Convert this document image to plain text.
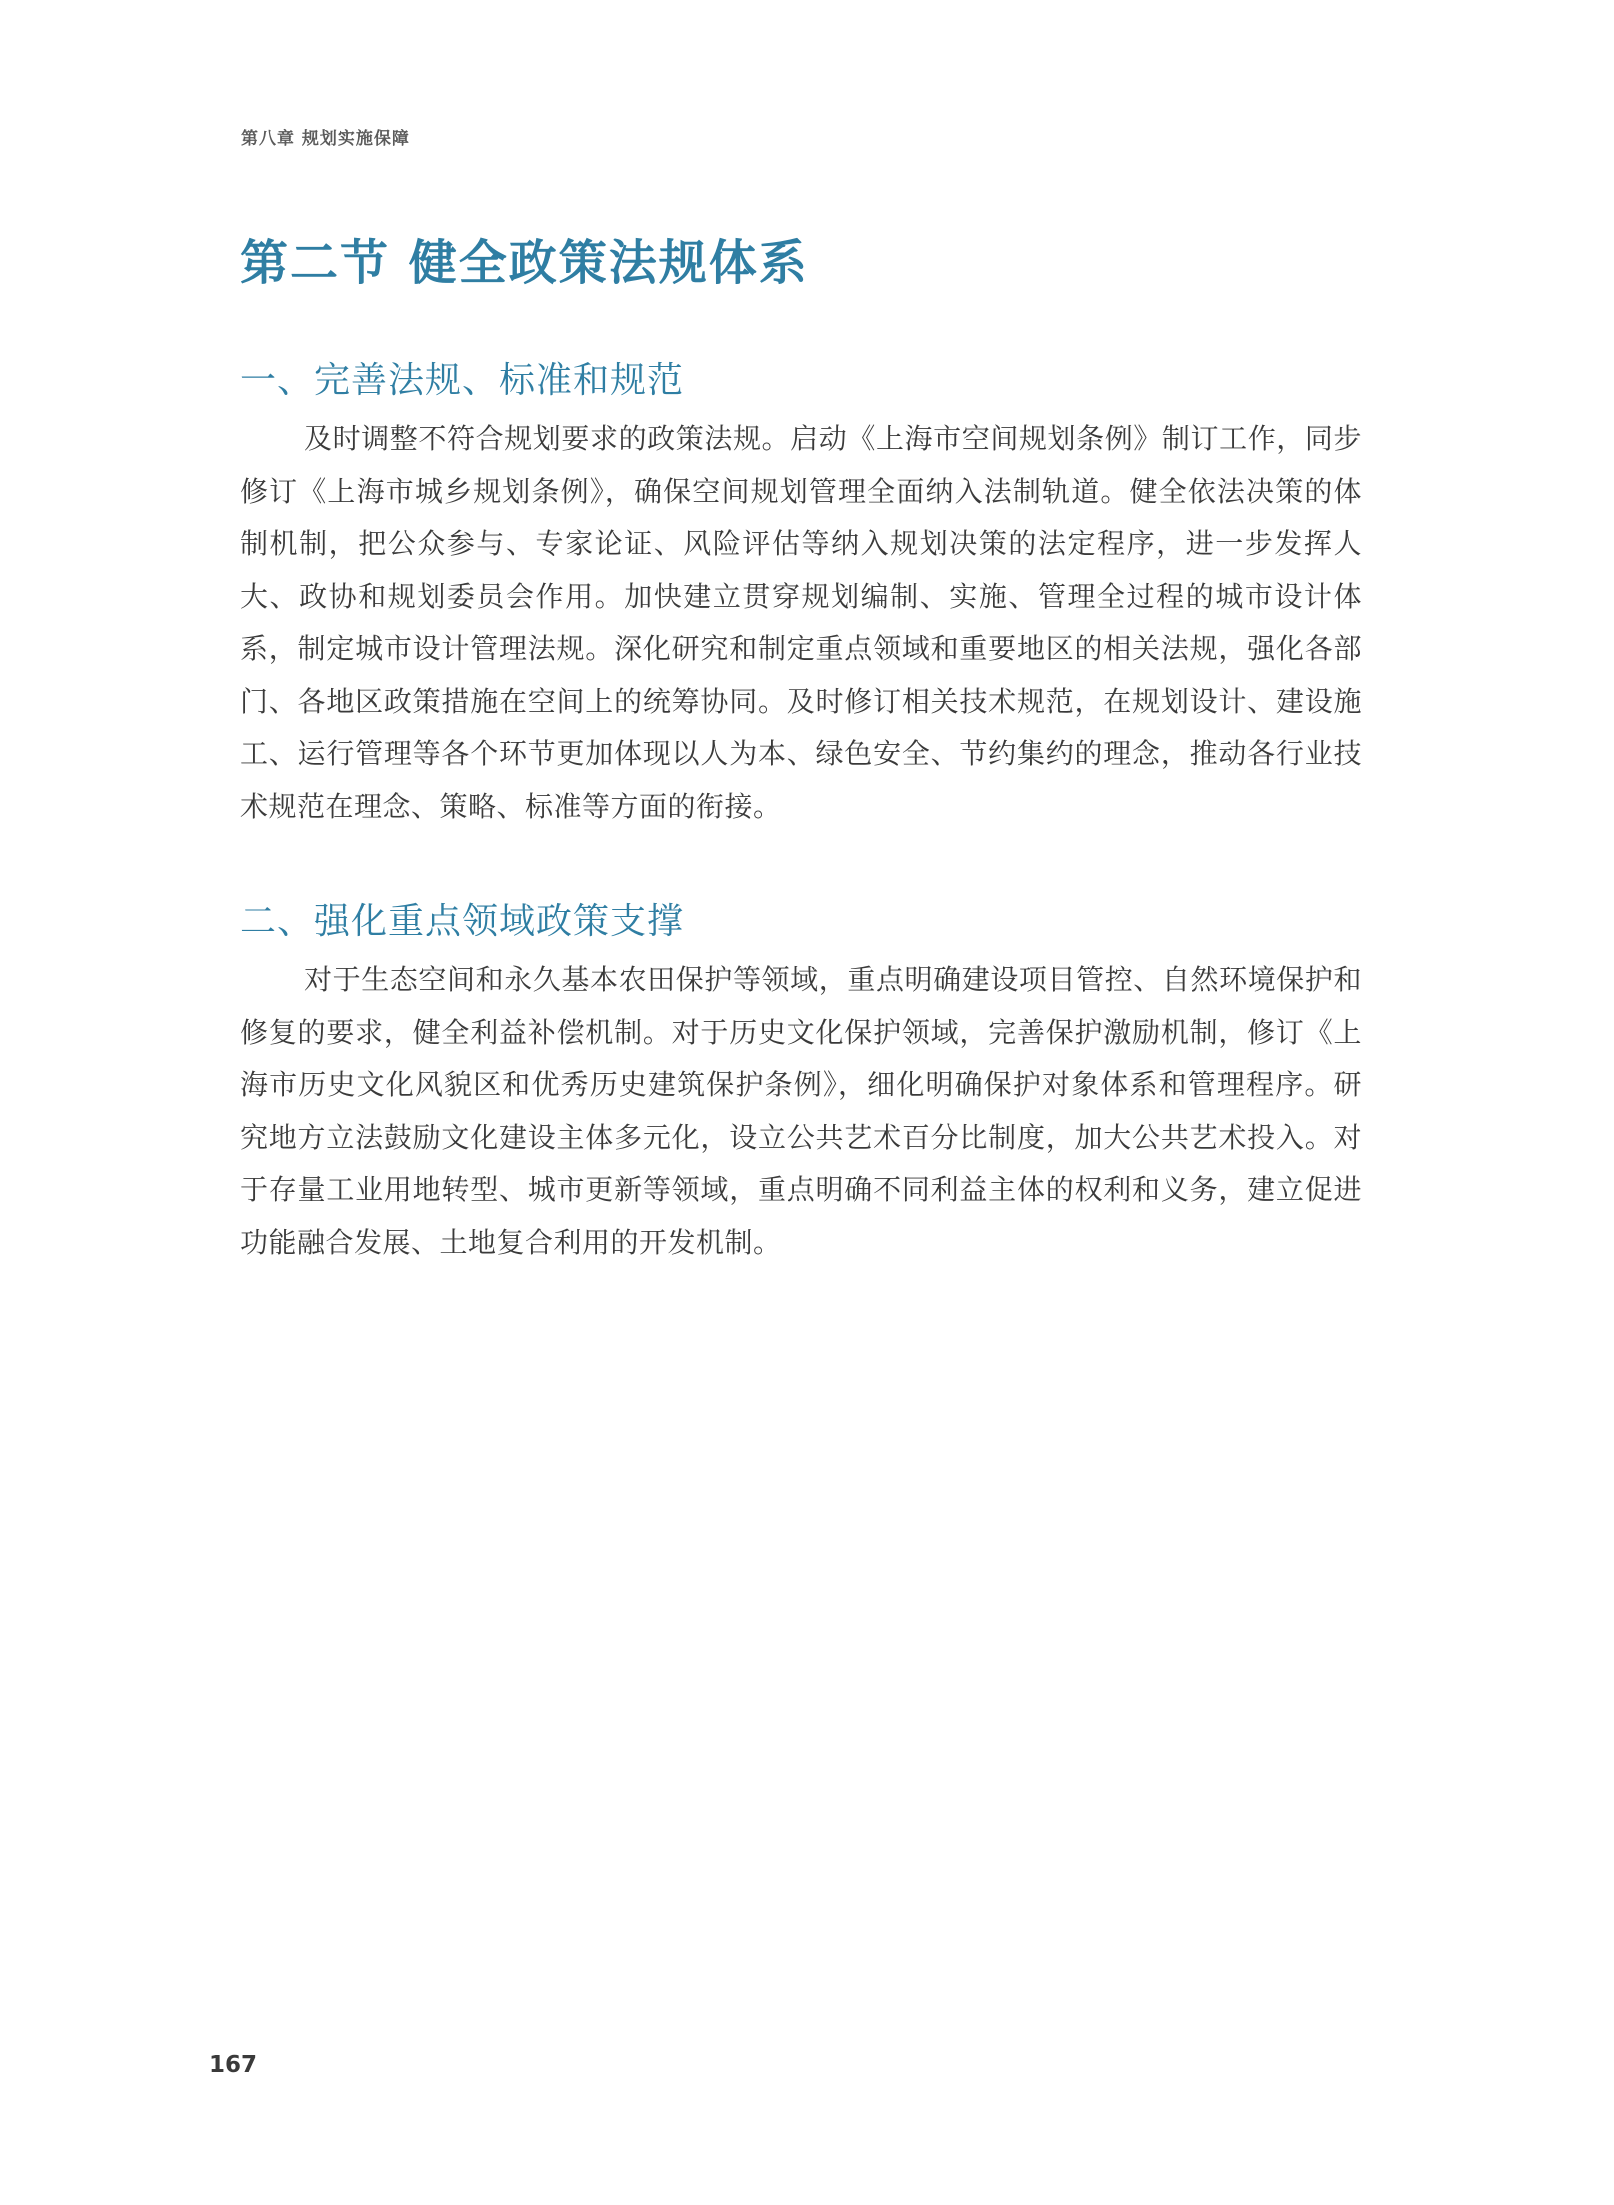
第八章 规划实施保障
第二节 健全政策法规体系
一、完善法规、标准和规范

及时调整不符合规划要求的政策法规。启动《上海市空间规划条例》制订工作，同步修订《上海市城乡规划条例》，确保空间规划管理全面纳入法制轨道。健全依法决策的体制机制，把公众参与、专家论证、风险评估等纳入规划决策的法定程序，进一步发挥人大、政协和规划委员会作用。加快建立贯穿规划编制、实施、管理全过程的城市设计体系，制定城市设计管理法规。深化研究和制定重点领域和重要地区的相关法规，强化各部门、各地区政策措施在空间上的统筹协同。及时修订相关技术规范，在规划设计、建设施工、运行管理等各个环节更加体现以人为本、绿色安全、节约集约的理念，推动各行业技术规范在理念、策略、标准等方面的衔接。

二、强化重点领域政策支撑

对于生态空间和永久基本农田保护等领域，重点明确建设项目管控、自然环境保护和修复的要求，健全利益补偿机制。对于历史文化保护领域，完善保护激励机制，修订《上海市历史文化风貌区和优秀历史建筑保护条例》，细化明确保护对象体系和管理程序。研究地方立法鼓励文化建设主体多元化，设立公共艺术百分比制度，加大公共艺术投入。对于存量工业用地转型、城市更新等领域，重点明确不同利益主体的权利和义务，建立促进功能融合发展、土地复合利用的开发机制。

167
